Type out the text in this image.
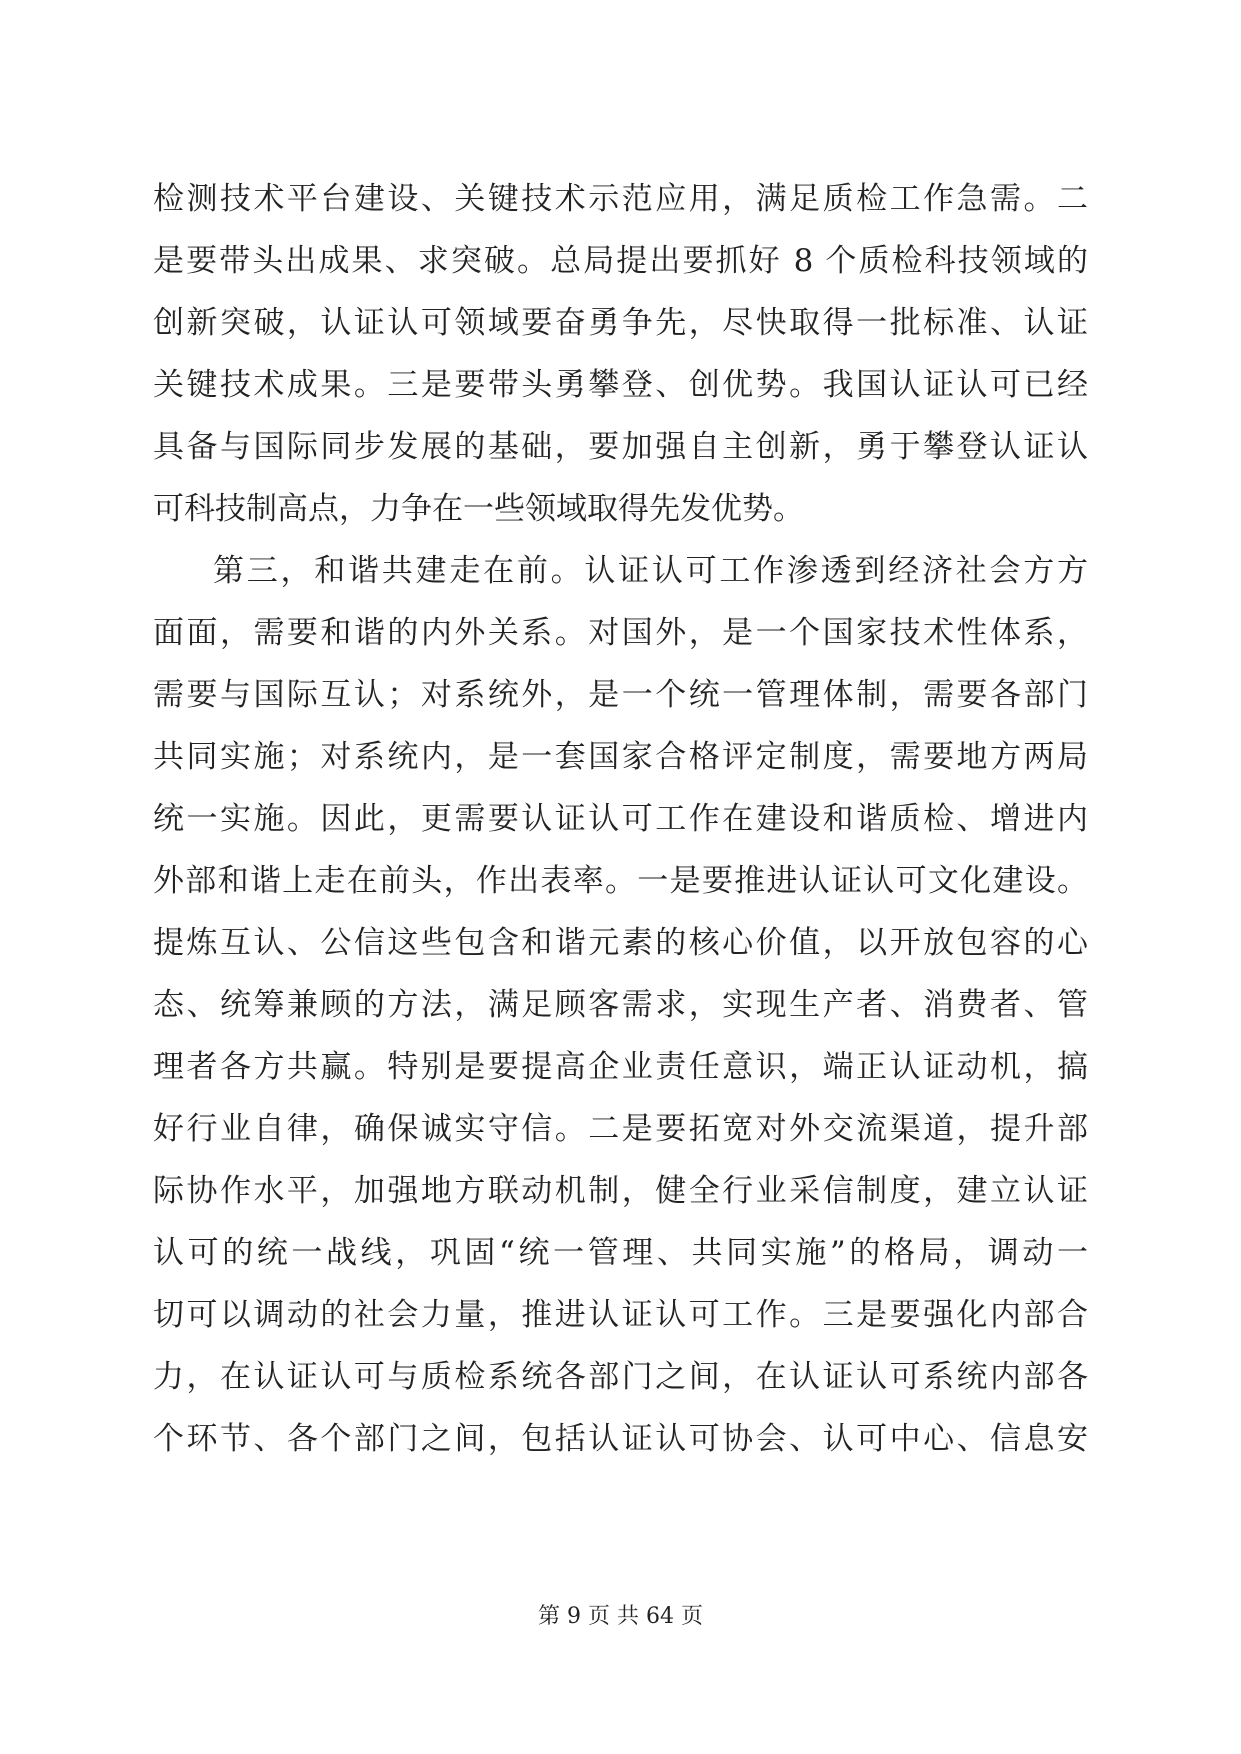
检测技术平台建设、关键技术示范应用，满足质检工作急需。二
是要带头出成果、求突破。总局提出要抓好 8 个质检科技领域的
创新突破，认证认可领域要奋勇争先，尽快取得一批标准、认证
关键技术成果。三是要带头勇攀登、创优势。我国认证认可已经
具备与国际同步发展的基础，要加强自主创新，勇于攀登认证认
可科技制高点，力争在一些领域取得先发优势。
第三，和谐共建走在前。认证认可工作渗透到经济社会方方
面面，需要和谐的内外关系。对国外，是一个国家技术性体系，
需要与国际互认；对系统外，是一个统一管理体制，需要各部门
共同实施；对系统内，是一套国家合格评定制度，需要地方两局
统一实施。因此，更需要认证认可工作在建设和谐质检、增进内
外部和谐上走在前头，作出表率。一是要推进认证认可文化建设。
提炼互认、公信这些包含和谐元素的核心价值，以开放包容的心
态、统筹兼顾的方法，满足顾客需求，实现生产者、消费者、管
理者各方共赢。特别是要提高企业责任意识，端正认证动机，搞
好行业自律，确保诚实守信。二是要拓宽对外交流渠道，提升部
际协作水平，加强地方联动机制，健全行业采信制度，建立认证
认可的统一战线，巩固“统一管理、共同实施”的格局，调动一
切可以调动的社会力量，推进认证认可工作。三是要强化内部合
力，在认证认可与质检系统各部门之间，在认证认可系统内部各
个环节、各个部门之间，包括认证认可协会、认可中心、信息安
第 9 页 共 64 页
